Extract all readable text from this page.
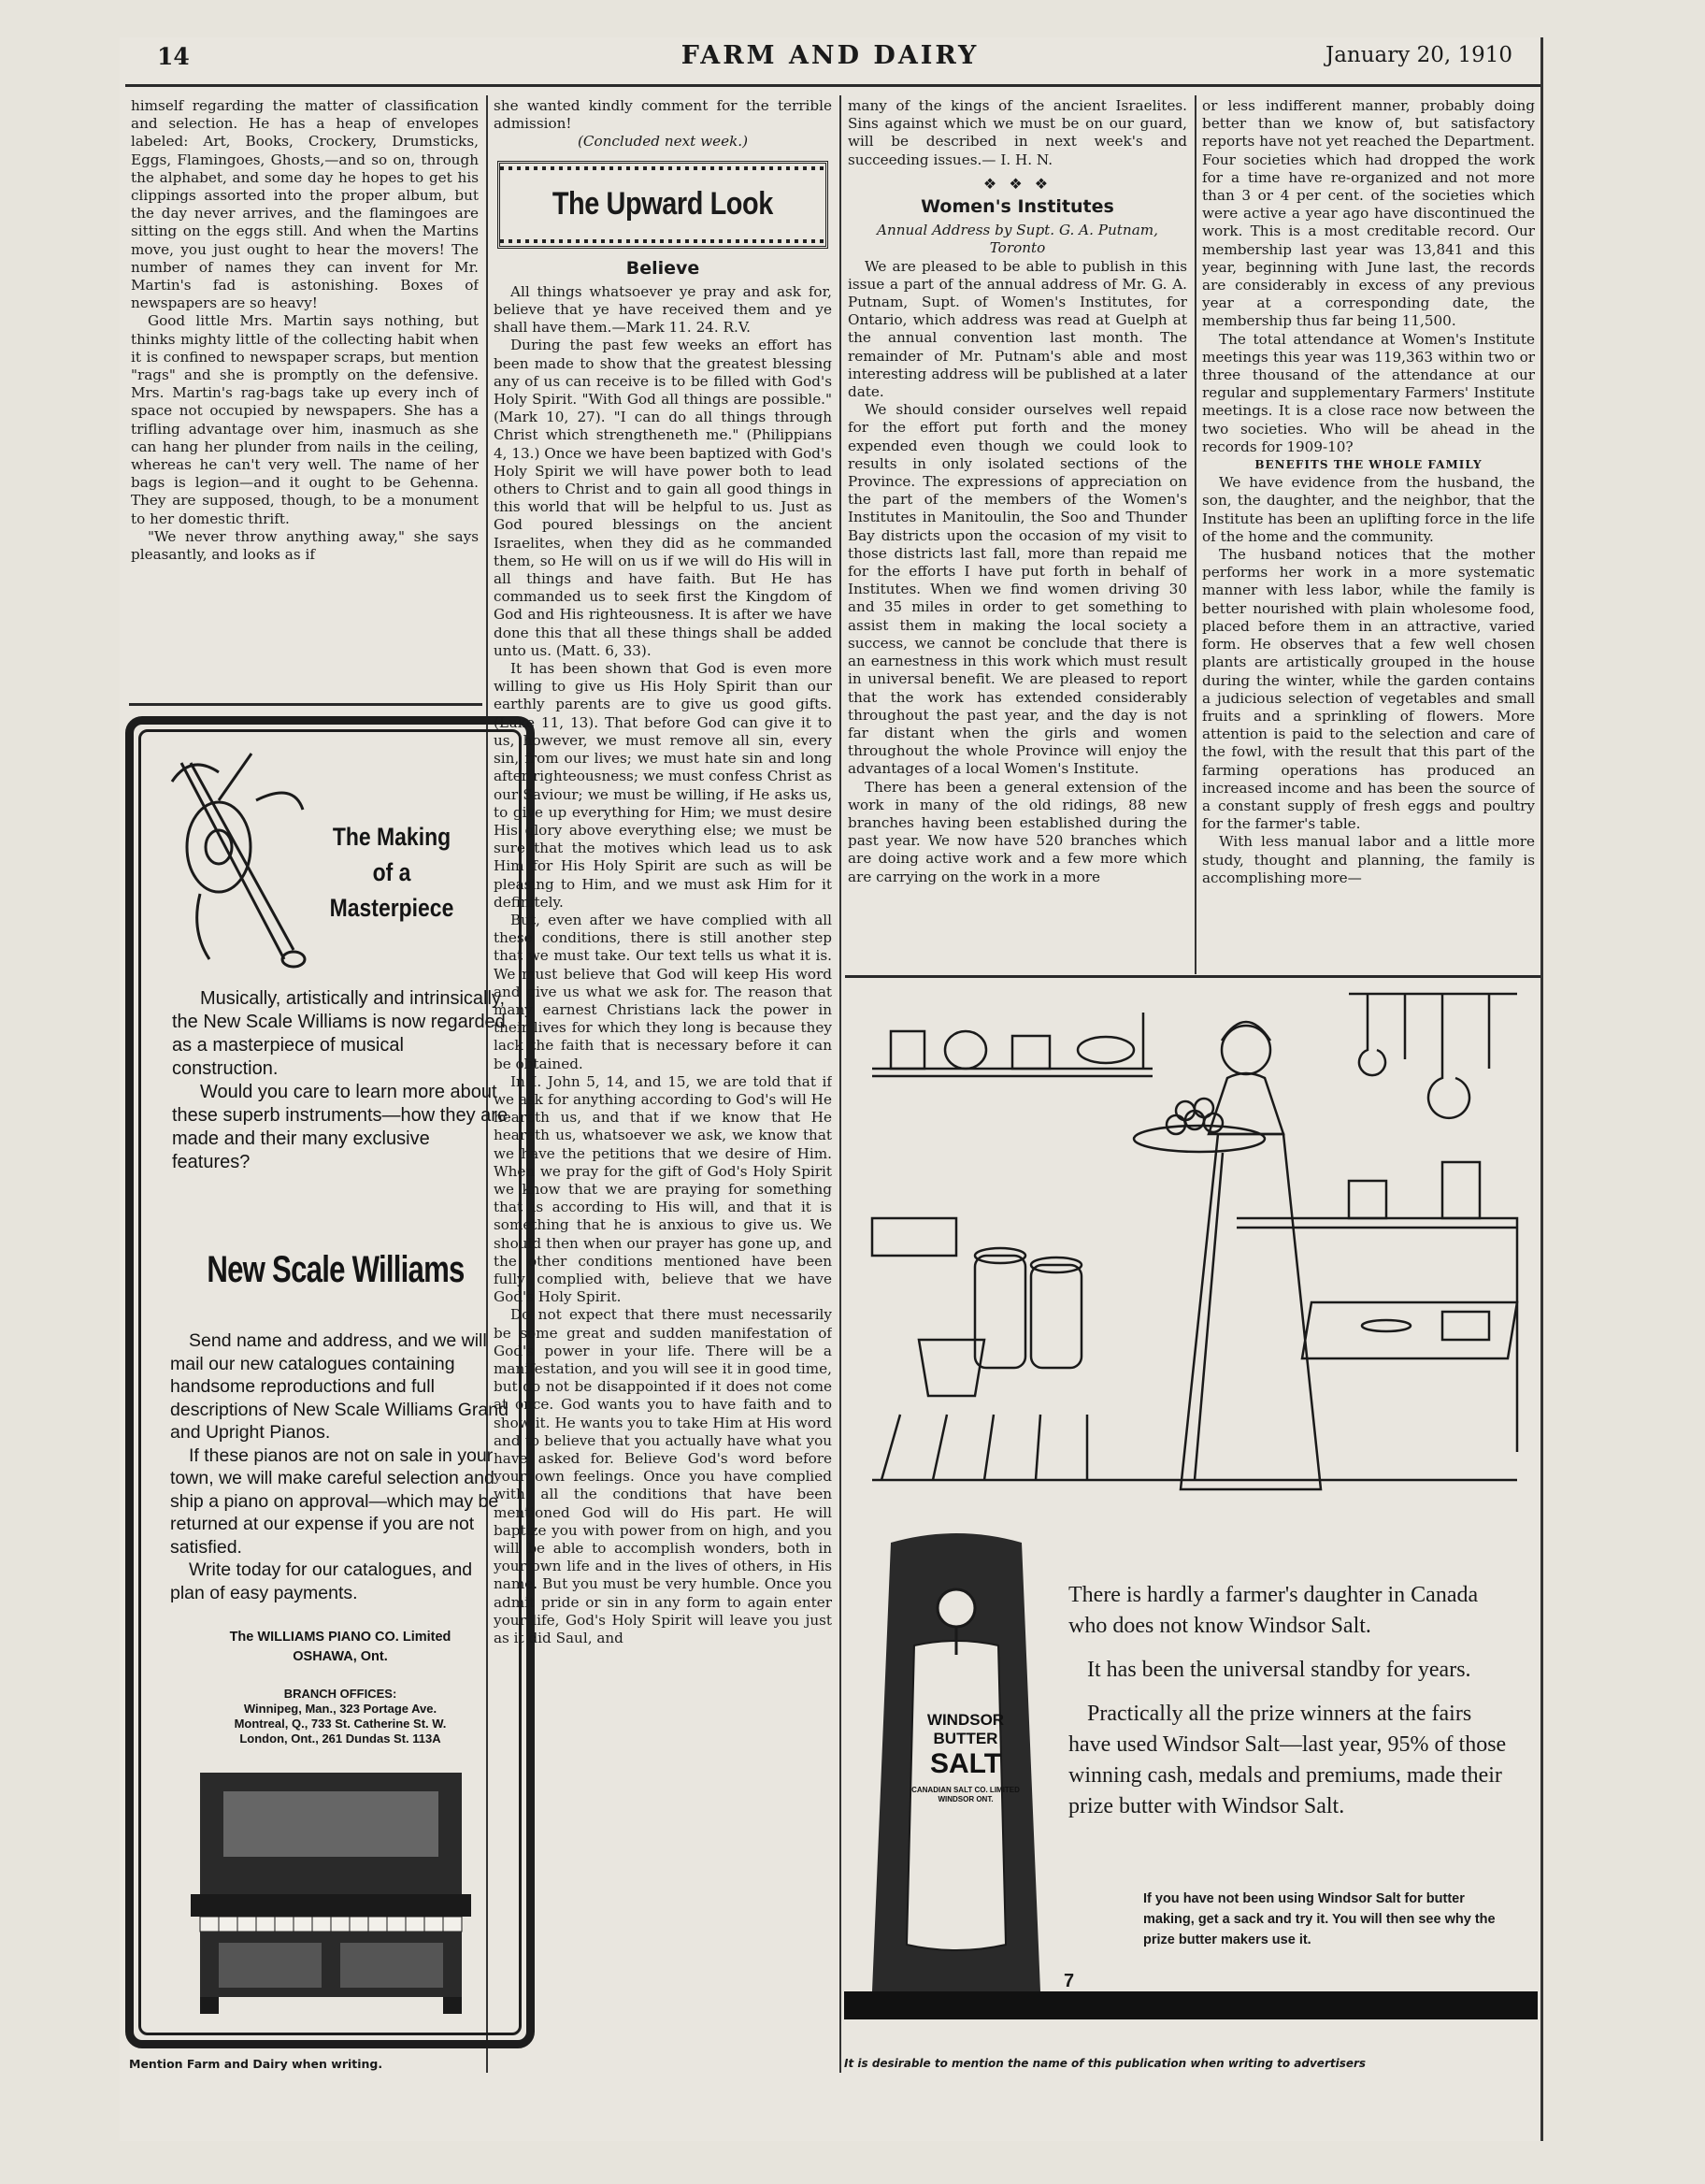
14	FARM AND DAIRY	January 20, 1910

himself regarding the matter of classification and selection. He has a heap of envelopes labeled: Art, Books, Crockery, Drumsticks, Eggs, Flamingoes, Ghosts,—and so on, through the alphabet, and some day he hopes to get his clippings assorted into the proper album, but the day never arrives, and the flamingoes are sitting on the eggs still. And when the Martins move, you just ought to hear the movers! The number of names they can invent for Mr. Martin's fad is astonishing. Boxes of newspapers are so heavy!

Good little Mrs. Martin says nothing, but thinks mighty little of the collecting habit when it is confined to newspaper scraps, but mention "rags" and she is promptly on the defensive. Mrs. Martin's rag-bags take up every inch of space not occupied by newspapers. She has a trifling advantage over him, inasmuch as she can hang her plunder from nails in the ceiling, whereas he can't very well. The name of her bags is legion—and it ought to be Gehenna. They are supposed, though, to be a monument to her domestic thrift.

"We never throw anything away," she says pleasantly, and looks as if

The Making
of a
Masterpiece

Musically, artistically and intrinsically, the New Scale Williams is now regarded as a masterpiece of musical construction.

Would you care to learn more about these superb instruments—how they are made and their many exclusive features?

New Scale Williams

Send name and address, and we will mail our new catalogues containing handsome reproductions and full descriptions of New Scale Williams Grand and Upright Pianos.

If these pianos are not on sale in your town, we will make careful selection and ship a piano on approval—which may be returned at our expense if you are not satisfied.

Write today for our catalogues, and plan of easy payments.

The WILLIAMS PIANO CO. Limited
OSHAWA, Ont.
BRANCH OFFICES:
Winnipeg, Man., 323 Portage Ave.
Montreal, Q., 733 St. Catherine St. W.
London, Ont., 261 Dundas St. 113A
Mention Farm and Dairy when writing.

she wanted kindly comment for the terrible admission!

(Concluded next week.)

The Upward Look
Believe

All things whatsoever ye pray and ask for, believe that ye have received them and ye shall have them.—Mark 11. 24. R.V.

During the past few weeks an effort has been made to show that the greatest blessing any of us can receive is to be filled with God's Holy Spirit. "With God all things are possible." (Mark 10, 27). "I can do all things through Christ which strengtheneth me." (Philippians 4, 13.) Once we have been baptized with God's Holy Spirit we will have power both to lead others to Christ and to gain all good things in this world that will be helpful to us. Just as God poured blessings on the ancient Israelites, when they did as he commanded them, so He will on us if we will do His will in all things and have faith. But He has commanded us to seek first the Kingdom of God and His righteousness. It is after we have done this that all these things shall be added unto us. (Matt. 6, 33).

It has been shown that God is even more willing to give us His Holy Spirit than our earthly parents are to give us good gifts. (Luke 11, 13). That before God can give it to us, however, we must remove all sin, every sin, from our lives; we must hate sin and long after righteousness; we must confess Christ as our Saviour; we must be willing, if He asks us, to give up everything for Him; we must desire His glory above everything else; we must be sure that the motives which lead us to ask Him for His Holy Spirit are such as will be pleasing to Him, and we must ask Him for it definitely.

But, even after we have complied with all these conditions, there is still another step that we must take. Our text tells us what it is. We must believe that God will keep His word and give us what we ask for. The reason that many earnest Christians lack the power in their lives for which they long is because they lack the faith that is necessary before it can be obtained.

In I. John 5, 14, and 15, we are told that if we ask for anything according to God's will He heareth us, and that if we know that He heareth us, whatsoever we ask, we know that we have the petitions that we desire of Him. When we pray for the gift of God's Holy Spirit we know that we are praying for something that is according to His will, and that it is something that he is anxious to give us. We should then when our prayer has gone up, and the other conditions mentioned have been fully complied with, believe that we have God's Holy Spirit.

Do not expect that there must necessarily be some great and sudden manifestation of God's power in your life. There will be a manifestation, and you will see it in good time, but do not be disappointed if it does not come at once. God wants you to have faith and to show it. He wants you to take Him at His word and to believe that you actually have what you have asked for. Believe God's word before your own feelings. Once you have complied with all the conditions that have been mentioned God will do His part. He will baptize you with power from on high, and you will be able to accomplish wonders, both in your own life and in the lives of others, in His name. But you must be very humble. Once you admit pride or sin in any form to again enter your life, God's Holy Spirit will leave you just as it did Saul, and

many of the kings of the ancient Israelites. Sins against which we must be on our guard, will be described in next week's and succeeding issues.— I. H. N.

❖ ❖ ❖
Women's Institutes

Annual Address by Supt. G. A. Putnam, Toronto

We are pleased to be able to publish in this issue a part of the annual address of Mr. G. A. Putnam, Supt. of Women's Institutes, for Ontario, which address was read at Guelph at the annual convention last month. The remainder of Mr. Putnam's able and most interesting address will be published at a later date.

We should consider ourselves well repaid for the effort put forth and the money expended even though we could look to results in only isolated sections of the Province. The expressions of appreciation on the part of the members of the Women's Institutes in Manitoulin, the Soo and Thunder Bay districts upon the occasion of my visit to those districts last fall, more than repaid me for the efforts I have put forth in behalf of Institutes. When we find women driving 30 and 35 miles in order to get something to assist them in making the local society a success, we cannot be conclude that there is an earnestness in this work which must result in universal benefit. We are pleased to report that the work has extended considerably throughout the past year, and the day is not far distant when the girls and women throughout the whole Province will enjoy the advantages of a local Women's Institute.

There has been a general extension of the work in many of the old ridings, 88 new branches having been established during the past year. We now have 520 branches which are doing active work and a few more which are carrying on the work in a more

or less indifferent manner, probably doing better than we know of, but satisfactory reports have not yet reached the Department. Four societies which had dropped the work for a time have re-organized and not more than 3 or 4 per cent. of the societies which were active a year ago have discontinued the work. This is a most creditable record. Our membership last year was 13,841 and this year, beginning with June last, the records are considerably in excess of any previous year at a corresponding date, the membership thus far being 11,500.

The total attendance at Women's Institute meetings this year was 119,363 within two or three thousand of the attendance at our regular and supplementary Farmers' Institute meetings. It is a close race now between the two societies. Who will be ahead in the records for 1909-10?

BENEFITS THE WHOLE FAMILY

We have evidence from the husband, the son, the daughter, and the neighbor, that the Institute has been an uplifting force in the life of the home and the community.

The husband notices that the mother performs her work in a more systematic manner with less labor, while the family is better nourished with plain wholesome food, placed before them in an attractive, varied form. He observes that a few well chosen plants are artistically grouped in the house during the winter, while the garden contains a judicious selection of vegetables and small fruits and a sprinkling of flowers. More attention is paid to the selection and care of the fowl, with the result that this part of the farming operations has produced an increased income and has been the source of a constant supply of fresh eggs and poultry for the farmer's table.

With less manual labor and a little more study, thought and planning, the family is accomplishing more—

WINDSOR
BUTTER
SALT
CANADIAN SALT CO. LIMITED WINDSOR ONT.

There is hardly a farmer's daughter in Canada who does not know Windsor Salt.

It has been the universal standby for years.

Practically all the prize winners at the fairs have used Windsor Salt—last year, 95% of those winning cash, medals and premiums, made their prize butter with Windsor Salt.

If you have not been using Windsor Salt for butter making, get a sack and try it. You will then see why the prize butter makers use it.
7
It is desirable to mention the name of this publication when writing to advertisers
